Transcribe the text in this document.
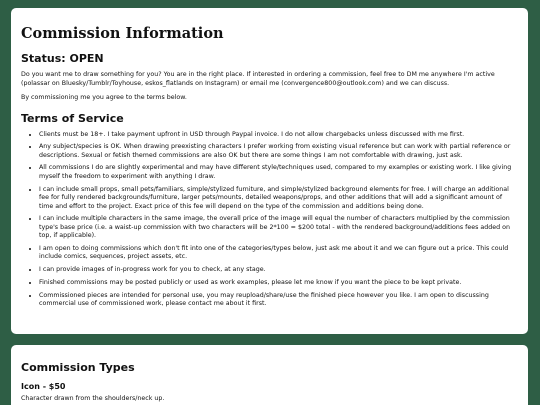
Commission Information
Status: OPEN

Do you want me to draw something for you? You are in the right place. If interested in ordering a commission, feel free to DM me anywhere I'm active (polassar on Bluesky/Tumblr/Toyhouse, eskos_flatlands on Instagram) or email me (convergence800@outlook.com) and we can discuss.

By commissioning me you agree to the terms below.

Terms of Service
• Clients must be 18+. I take payment upfront in USD through Paypal invoice. I do not allow chargebacks unless discussed with me first.
• Any subject/species is OK. When drawing preexisting characters I prefer working from existing visual reference but can work with partial reference or descriptions. Sexual or fetish themed commissions are also OK but there are some things I am not comfortable with drawing, just ask.
• All commissions I do are slightly experimental and may have different style/techniques used, compared to my examples or existing work. I like giving myself the freedom to experiment with anything I draw.
• I can include small props, small pets/familiars, simple/stylized furniture, and simple/stylized background elements for free. I will charge an additional fee for fully rendered backgrounds/furniture, larger pets/mounts, detailed weapons/props, and other additions that will add a significant amount of time and effort to the project. Exact price of this fee will depend on the type of the commission and additions being done.
• I can include multiple characters in the same image, the overall price of the image will equal the number of characters multiplied by the commission type's base price (i.e. a waist-up commission with two characters will be 2*100 = $200 total - with the rendered background/additions fees added on top, if applicable).
• I am open to doing commissions which don't fit into one of the categories/types below, just ask me about it and we can figure out a price. This could include comics, sequences, project assets, etc.
• I can provide images of in-progress work for you to check, at any stage.
• Finished commissions may be posted publicly or used as work examples, please let me know if you want the piece to be kept private.
• Commissioned pieces are intended for personal use, you may reupload/share/use the finished piece however you like. I am open to discussing commercial use of commissioned work, please contact me about it first.
Commission Types
Icon - $50

Character drawn from the shoulders/neck up.
